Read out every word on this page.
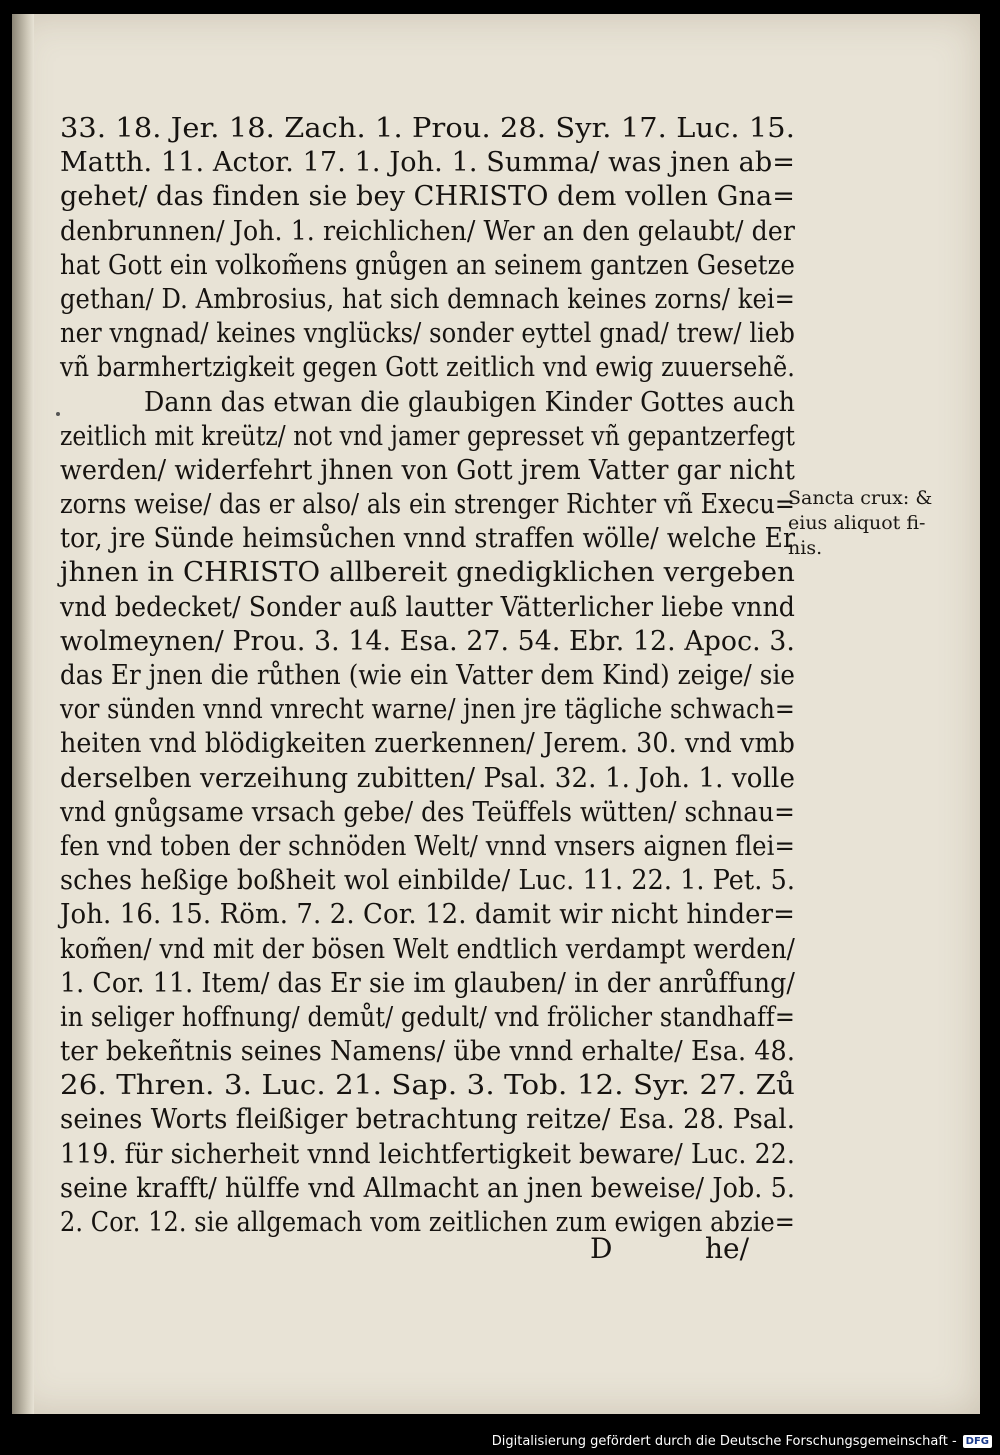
33. 18. Jer. 18. Zach. 1. Prou. 28. Syr. 17. Luc. 15.
Matth. 11. Actor. 17. 1. Joh. 1. Summa/ was jnen ab=
gehet/ das finden sie bey CHRISTO dem vollen Gna=
denbrunnen/ Joh. 1. reichlichen/ Wer an den gelaubt/ der
hat Gott ein volkom̃ens gnůgen an seinem gantzen Gesetze
gethan/ D. Ambrosius, hat sich demnach keines zorns/ kei=
ner vngnad/ keines vnglücks/ sonder eyttel gnad/ trew/ lieb
vñ barmhertzigkeit gegen Gott zeitlich vnd ewig zuuersehẽ.
Dann das etwan die glaubigen Kinder Gottes auch
zeitlich mit kreütz/ not vnd jamer gepresset vñ gepantzerfegt
werden/ widerfehrt jhnen von Gott jrem Vatter gar nicht
zorns weise/ das er also/ als ein strenger Richter vñ Execu=
tor, jre Sünde heimsůchen vnnd straffen wölle/ welche Er
jhnen in CHRISTO allbereit gnedigklichen vergeben
vnd bedecket/ Sonder auß lautter Vätterlicher liebe vnnd
wolmeynen/ Prou. 3. 14. Esa. 27. 54. Ebr. 12. Apoc. 3.
das Er jnen die růthen (wie ein Vatter dem Kind) zeige/ sie
vor sünden vnnd vnrecht warne/ jnen jre tägliche schwach=
heiten vnd blödigkeiten zuerkennen/ Jerem. 30. vnd vmb
derselben verzeihung zubitten/ Psal. 32. 1. Joh. 1. volle
vnd gnůgsame vrsach gebe/ des Teüffels wütten/ schnau=
fen vnd toben der schnöden Welt/ vnnd vnsers aignen flei=
sches heßige boßheit wol einbilde/ Luc. 11. 22. 1. Pet. 5.
Joh. 16. 15. Röm. 7. 2. Cor. 12. damit wir nicht hinder=
kom̃en/ vnd mit der bösen Welt endtlich verdampt werden/
1. Cor. 11. Item/ das Er sie im glauben/ in der anrůffung/
in seliger hoffnung/ demůt/ gedult/ vnd frölicher standhaff=
ter bekeñtnis seines Namens/ übe vnnd erhalte/ Esa. 48.
26. Thren. 3. Luc. 21. Sap. 3. Tob. 12. Syr. 27. Zů
seines Worts fleißiger betrachtung reitze/ Esa. 28. Psal.
119. für sicherheit vnnd leichtfertigkeit beware/ Luc. 22.
seine krafft/ hülffe vnd Allmacht an jnen beweise/ Job. 5.
2. Cor. 12. sie allgemach vom zeitlichen zum ewigen abzie=
D	he/
Sancta crux: &
eius aliquot fi-
nis.
Digitalisierung gefördert durch die Deutsche Forschungsgemeinschaft - DFG
